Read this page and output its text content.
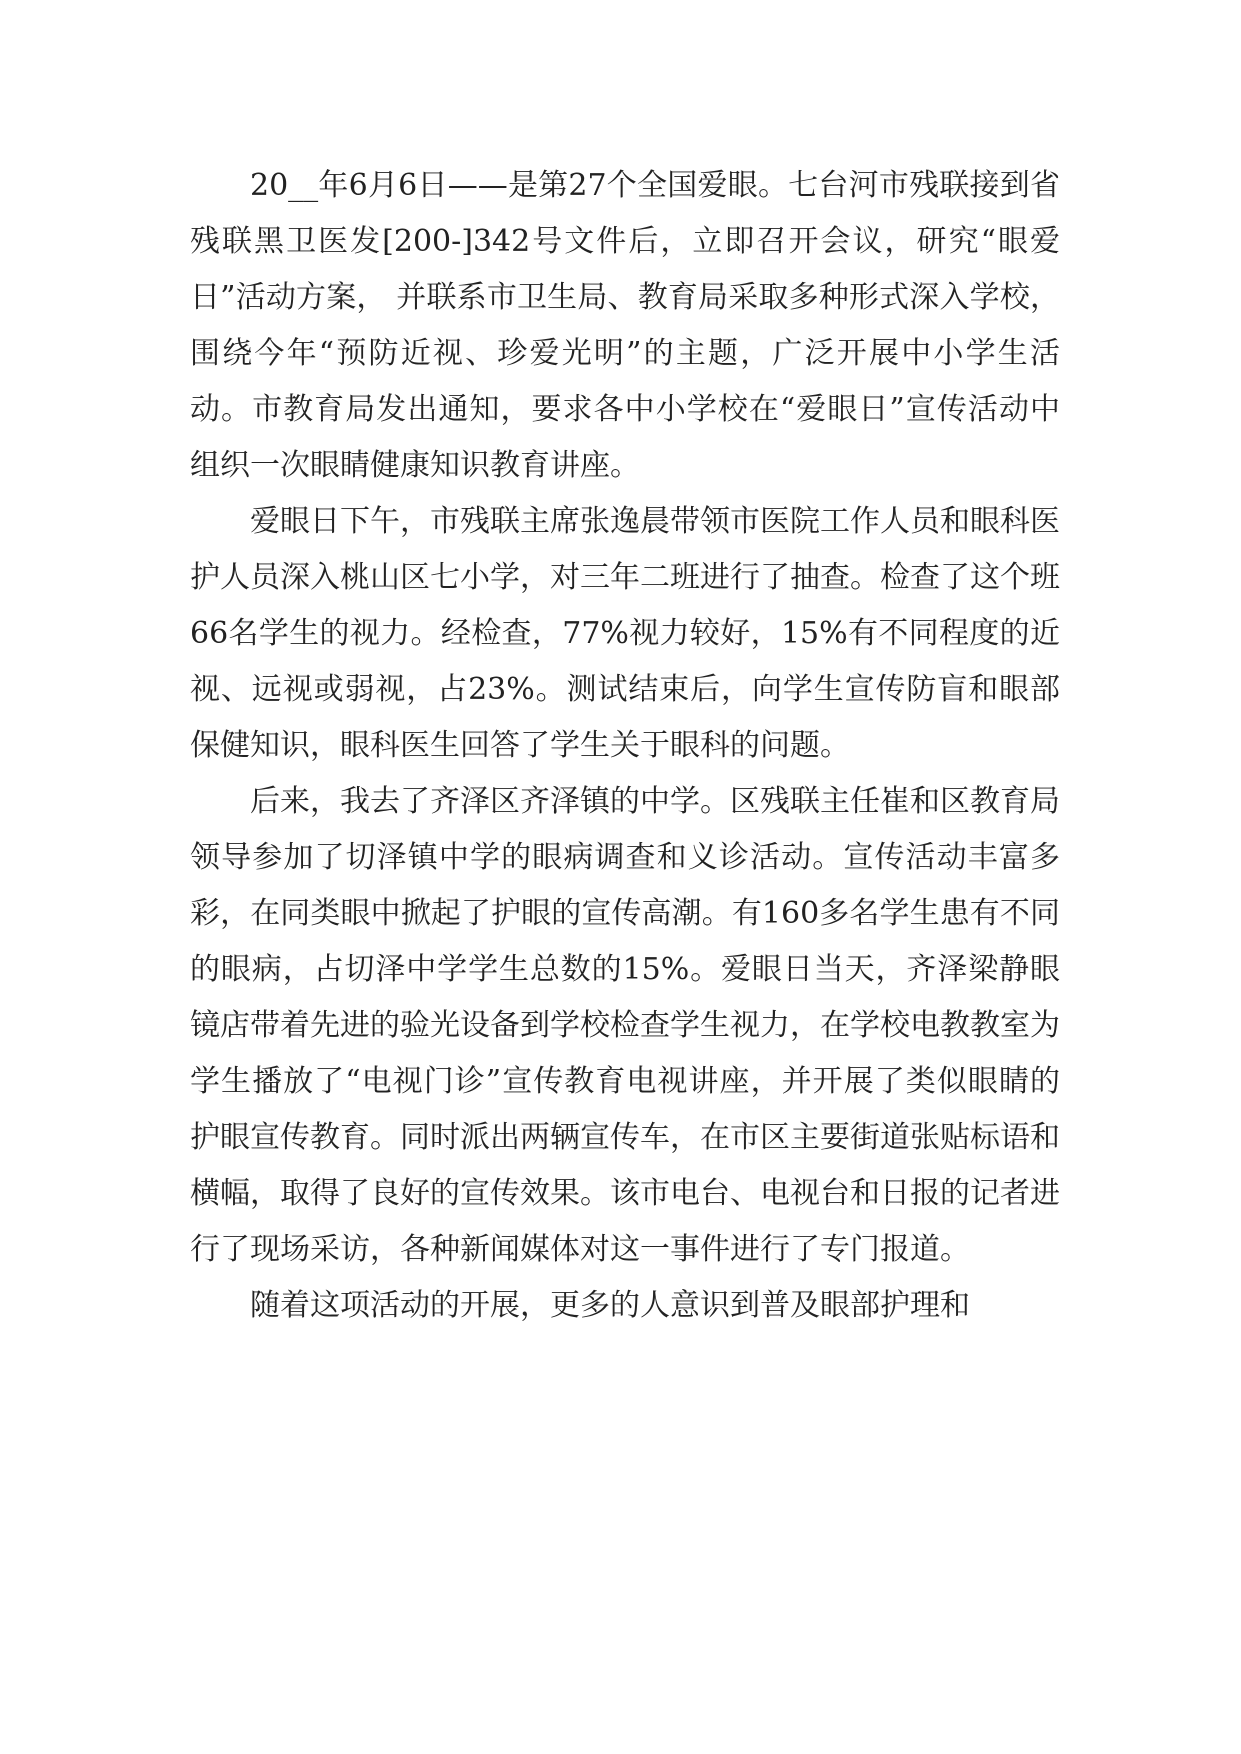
20__年6月6日——是第27个全国爱眼。七台河市残联接到省残联黑卫医发[200-]342号文件后，立即召开会议，研究“眼爱日”活动方案， 并联系市卫生局、教育局采取多种形式深入学校，围绕今年“预防近视、珍爱光明”的主题，广泛开展中小学生活动。市教育局发出通知，要求各中小学校在“爱眼日”宣传活动中组织一次眼睛健康知识教育讲座。

爱眼日下午，市残联主席张逸晨带领市医院工作人员和眼科医护人员深入桃山区七小学，对三年二班进行了抽查。检查了这个班66名学生的视力。经检查，77%视力较好，15%有不同程度的近视、远视或弱视，占23%。测试结束后，向学生宣传防盲和眼部保健知识，眼科医生回答了学生关于眼科的问题。

后来，我去了齐泽区齐泽镇的中学。区残联主任崔和区教育局领导参加了切泽镇中学的眼病调查和义诊活动。宣传活动丰富多彩，在同类眼中掀起了护眼的宣传高潮。有160多名学生患有不同的眼病，占切泽中学学生总数的15%。爱眼日当天，齐泽梁静眼镜店带着先进的验光设备到学校检查学生视力，在学校电教教室为学生播放了“电视门诊”宣传教育电视讲座，并开展了类似眼睛的护眼宣传教育。同时派出两辆宣传车，在市区主要街道张贴标语和横幅，取得了良好的宣传效果。该市电台、电视台和日报的记者进行了现场采访，各种新闻媒体对这一事件进行了专门报道。

随着这项活动的开展，更多的人意识到普及眼部护理和
